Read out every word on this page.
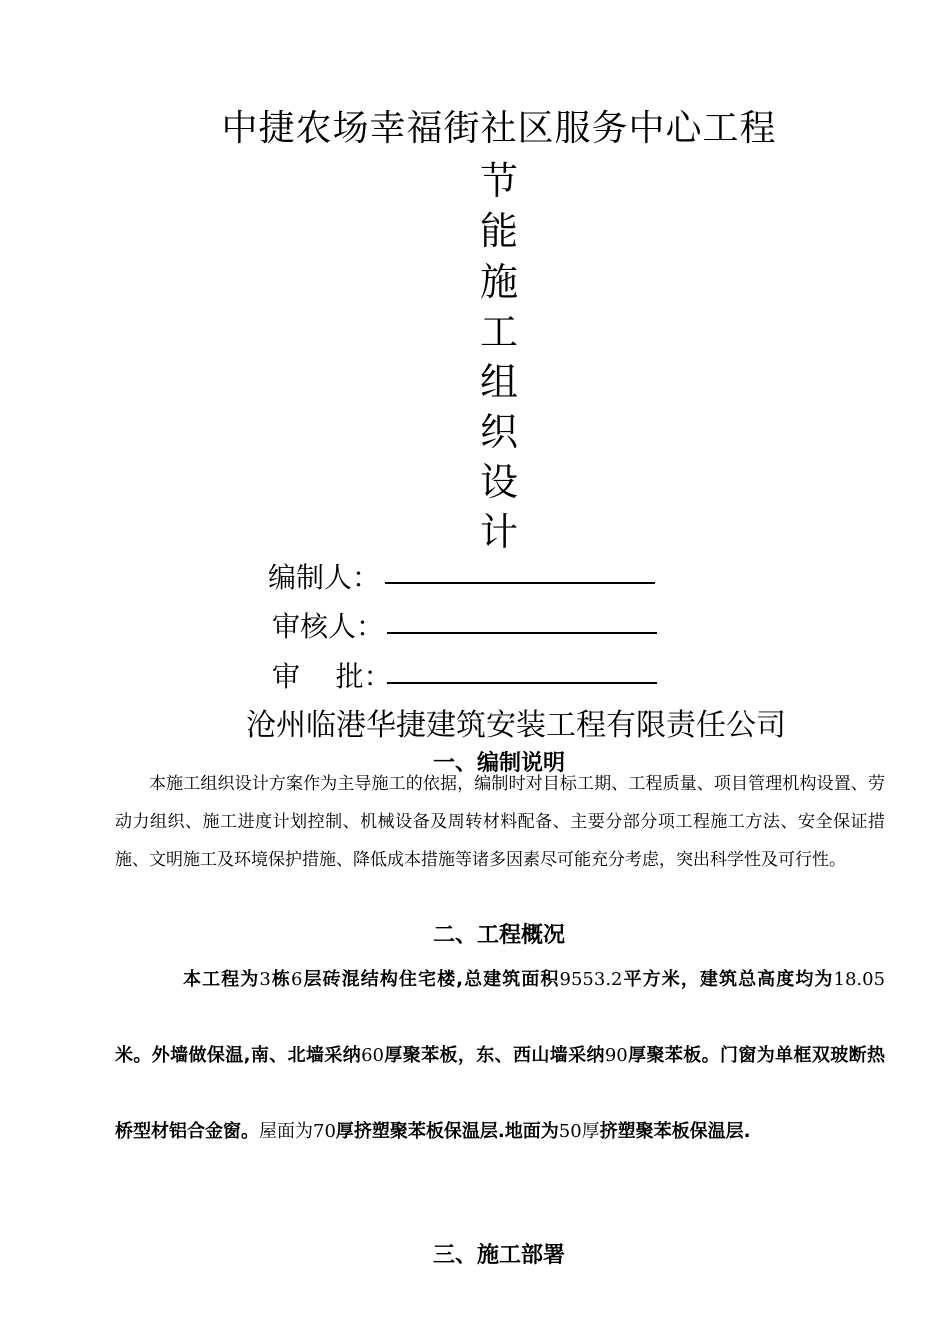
中捷农场幸福街社区服务中心工程
节
能
施
工
组
织
设
计
编制人：
审核人：
审    批：
沧州临港华捷建筑安装工程有限责任公司
一、编制说明
本施工组织设计方案作为主导施工的依据，编制时对目标工期、工程质量、项目管理机构设置、劳动力组织、施工进度计划控制、机械设备及周转材料配备、主要分部分项工程施工方法、安全保证措施、文明施工及环境保护措施、降低成本措施等诸多因素尽可能充分考虑，突出科学性及可行性。
二、工程概况
本工程为3栋6层砖混结构住宅楼,总建筑面积9553.2平方米，建筑总高度均为18.05米。外墙做保温,南、北墙采纳60厚聚苯板，东、西山墙采纳90厚聚苯板。门窗为单框双玻断热桥型材铝合金窗。屋面为70厚挤塑聚苯板保温层.地面为50厚挤塑聚苯板保温层.
三、施工部署
